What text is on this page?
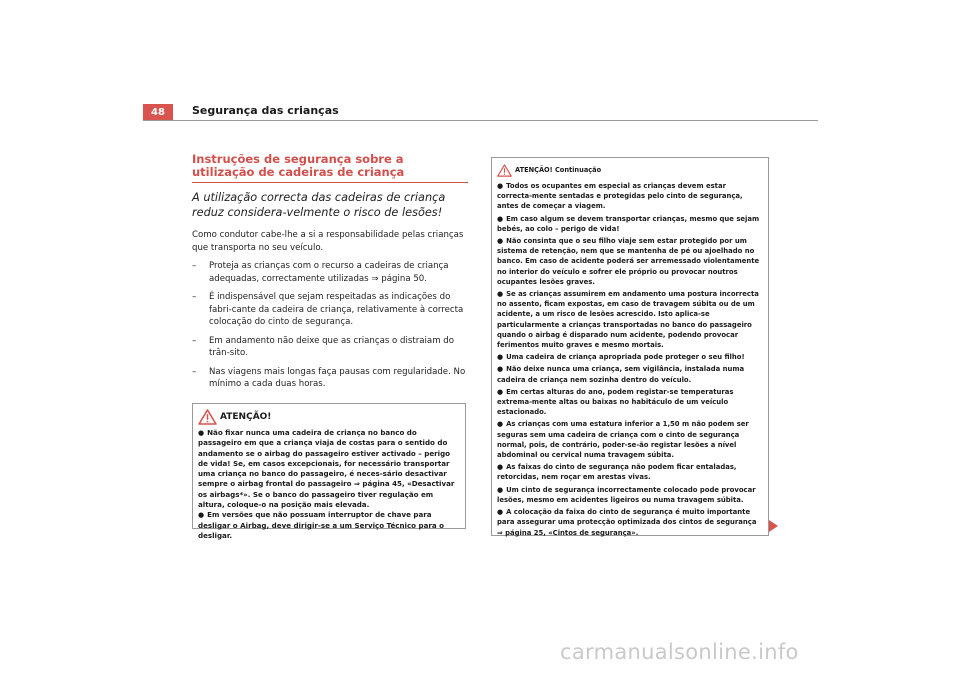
48	Segurança das crianças
Instruções de segurança sobre a utilização de cadeiras de criança

A utilização correcta das cadeiras de criança reduz considera-velmente o risco de lesões!

Como condutor cabe-lhe a si a responsabilidade pelas crianças que transporta no seu veículo.

– Proteja as crianças com o recurso a cadeiras de criança adequadas, correctamente utilizadas ⇒ página 50.
– É indispensável que sejam respeitadas as indicações do fabri-cante da cadeira de criança, relativamente à correcta colocação do cinto de segurança.
– Em andamento não deixe que as crianças o distraiam do trân-sito.
– Nas viagens mais longas faça pausas com regularidade. No mínimo a cada duas horas.
ATENÇÃO!

● Não fixar nunca uma cadeira de criança no banco do passageiro em que a criança viaja de costas para o sentido do andamento se o airbag do passageiro estiver activado – perigo de vida! Se, em casos excepcionais, for necessário transportar uma criança no banco do passageiro, é neces-sário desactivar sempre o airbag frontal do passageiro ⇒ página 45, «Desactivar os airbags*». Se o banco do passageiro tiver regulação em altura, coloque-o na posição mais elevada.

● Em versões que não possuam interruptor de chave para desligar o Airbag, deve dirigir-se a um Serviço Técnico para o desligar.

ATENÇÃO! Continuação

● Todos os ocupantes em especial as crianças devem estar correcta-mente sentadas e protegidas pelo cinto de segurança, antes de começar a viagem.

● Em caso algum se devem transportar crianças, mesmo que sejam bebés, ao colo – perigo de vida!

● Não consinta que o seu filho viaje sem estar protegido por um sistema de retenção, nem que se mantenha de pé ou ajoelhado no banco. Em caso de acidente poderá ser arremessado violentamente no interior do veículo e sofrer ele próprio ou provocar noutros ocupantes lesões graves.

● Se as crianças assumirem em andamento uma postura incorrecta no assento, ficam expostas, em caso de travagem súbita ou de um acidente, a um risco de lesões acrescido. Isto aplica-se particularmente a crianças transportadas no banco do passageiro quando o airbag é disparado num acidente, podendo provocar ferimentos muito graves e mesmo mortais.

● Uma cadeira de criança apropriada pode proteger o seu filho!

● Não deixe nunca uma criança, sem vigilância, instalada numa cadeira de criança nem sozinha dentro do veículo.

● Em certas alturas do ano, podem registar-se temperaturas extrema-mente altas ou baixas no habitáculo de um veículo estacionado.

● As crianças com uma estatura inferior a 1,50 m não podem ser seguras sem uma cadeira de criança com o cinto de segurança normal, pois, de contrário, poder-se-ão registar lesões a nível abdominal ou cervical numa travagem súbita.

● As faixas do cinto de segurança não podem ficar entaladas, retorcidas, nem roçar em arestas vivas.

● Um cinto de segurança incorrectamente colocado pode provocar lesões, mesmo em acidentes ligeiros ou numa travagem súbita.

● A colocação da faixa do cinto de segurança é muito importante para assegurar uma protecção optimizada dos cintos de segurança ⇒ página 25, «Cintos de segurança».

carmanualsonline.info
